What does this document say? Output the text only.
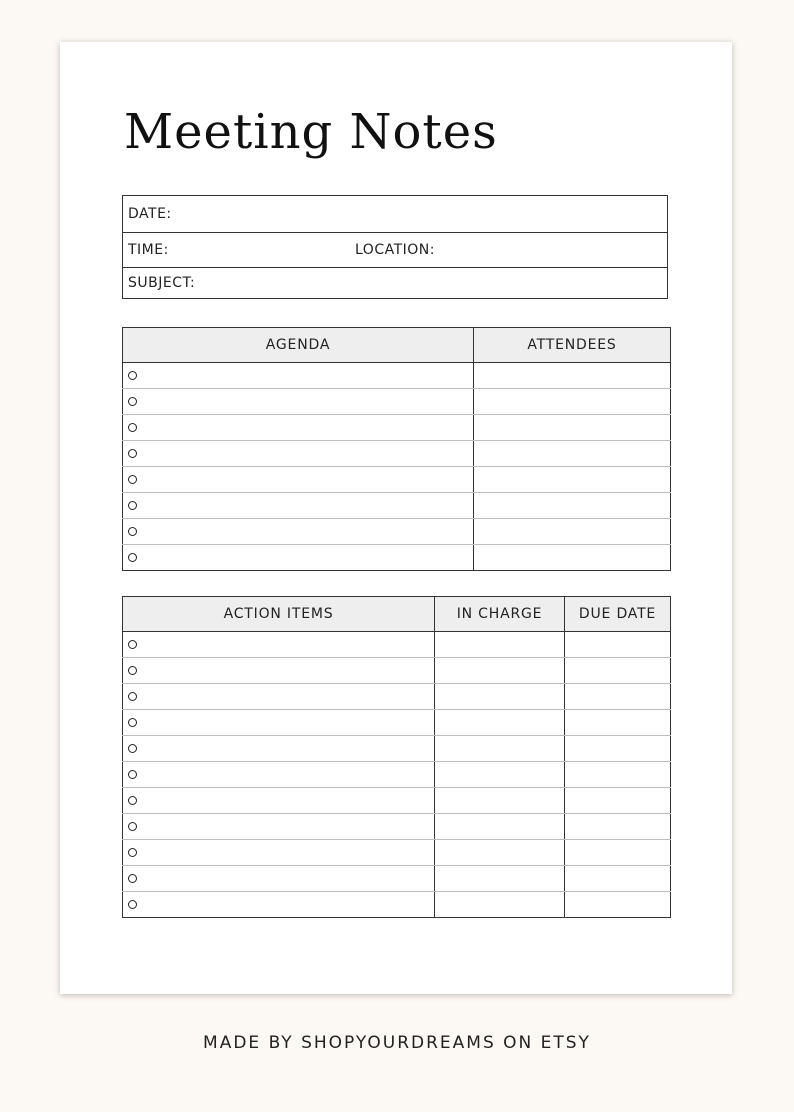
Meeting Notes
DATE:
TIME:	LOCATION:
SUBJECT:
AGENDA	ATTENDEES

ACTION ITEMS	IN CHARGE	DUE DATE

MADE BY SHOPYOURDREAMS ON ETSY
